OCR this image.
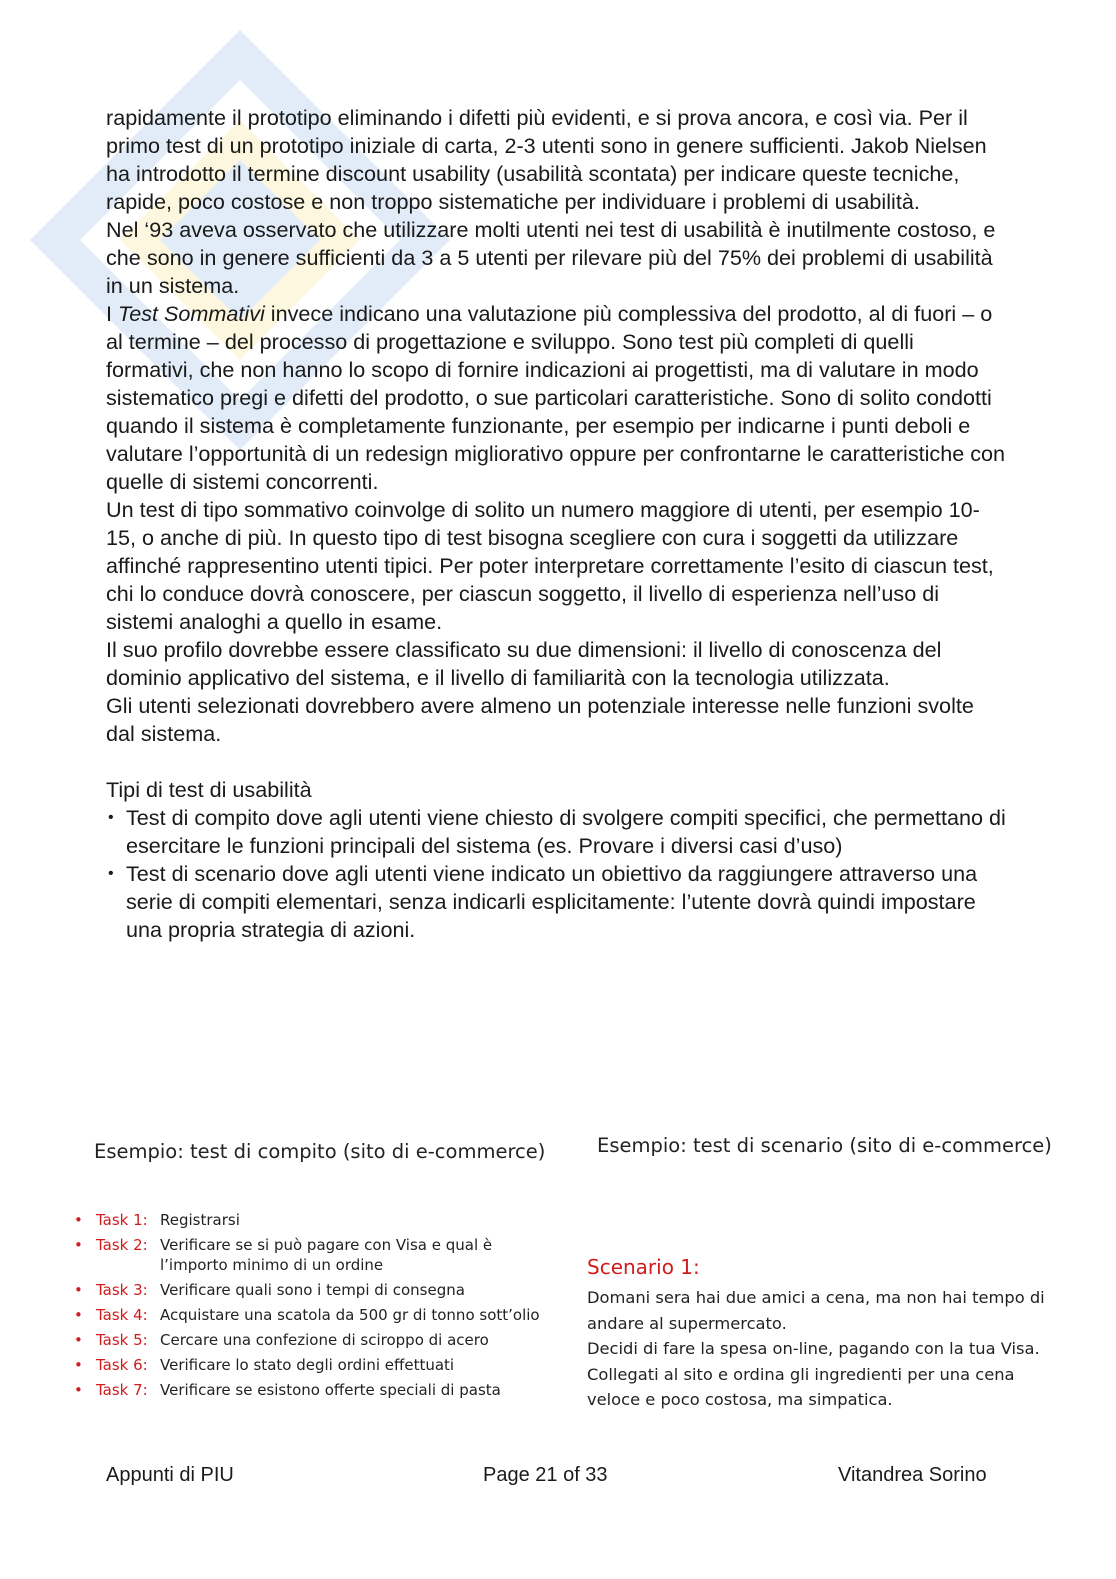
rapidamente il prototipo eliminando i difetti più evidenti, e si prova ancora, e così via. Per il primo test di un prototipo iniziale di carta, 2-3 utenti sono in genere sufficienti. Jakob Nielsen ha introdotto il termine discount usability (usabilità scontata) per indicare queste tecniche, rapide, poco costose e non troppo sistematiche per individuare i problemi di usabilità.

Nel ‘93 aveva osservato che utilizzare molti utenti nei test di usabilità è inutilmente costoso, e che sono in genere sufficienti da 3 a 5 utenti per rilevare più del 75% dei problemi di usabilità in un sistema.

I Test Sommativi invece indicano una valutazione più complessiva del prodotto, al di fuori – o al termine – del processo di progettazione e sviluppo. Sono test più completi di quelli formativi, che non hanno lo scopo di fornire indicazioni ai progettisti, ma di valutare in modo sistematico pregi e difetti del prodotto, o sue particolari caratteristiche. Sono di solito condotti quando il sistema è completamente funzionante, per esempio per indicarne i punti deboli e valutare l’opportunità di un redesign migliorativo oppure per confrontarne le caratteristiche con quelle di sistemi concorrenti.

Un test di tipo sommativo coinvolge di solito un numero maggiore di utenti, per esempio 10-15, o anche di più. In questo tipo di test bisogna scegliere con cura i soggetti da utilizzare affinché rappresentino utenti tipici. Per poter interpretare correttamente l’esito di ciascun test, chi lo conduce dovrà conoscere, per ciascun soggetto, il livello di esperienza nell’uso di sistemi analoghi a quello in esame.

Il suo profilo dovrebbe essere classificato su due dimensioni: il livello di conoscenza del dominio applicativo del sistema, e il livello di familiarità con la tecnologia utilizzata.

Gli utenti selezionati dovrebbero avere almeno un potenziale interesse nelle funzioni svolte dal sistema.

Tipi di test di usabilità

• Test di compito dove agli utenti viene chiesto di svolgere compiti specifici, che permettano di esercitare le funzioni principali del sistema (es. Provare i diversi casi d’uso)
• Test di scenario dove agli utenti viene indicato un obiettivo da raggiungere attraverso una serie di compiti elementari, senza indicarli esplicitamente: l’utente dovrà quindi impostare una propria strategia di azioni.
Esempio: test di compito (sito di e-commerce)	Esempio: test di scenario (sito di e-commerce)
• Task 1: Registrarsi
• Task 2: Verificare se si può pagare con Visa e qual è l’importo minimo di un ordine
• Task 3: Verificare quali sono i tempi di consegna
• Task 4: Acquistare una scatola da 500 gr di tonno sott’olio
• Task 5: Cercare una confezione di sciroppo di acero
• Task 6: Verificare lo stato degli ordini effettuati
• Task 7: Verificare se esistono offerte speciali di pasta
Scenario 1:

Domani sera hai due amici a cena, ma non hai tempo di andare al supermercato.

Decidi di fare la spesa on-line, pagando con la tua Visa.

Collegati al sito e ordina gli ingredienti per una cena veloce e poco costosa, ma simpatica.

Appunti di PIU	Page 21 of 33	Vitandrea Sorino
